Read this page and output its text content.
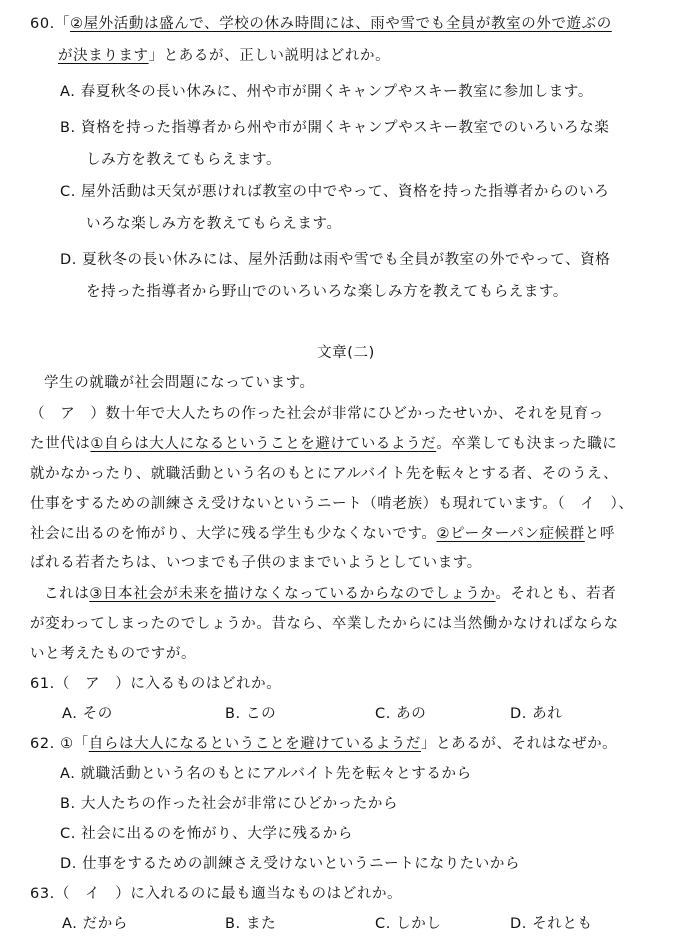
60.「②屋外活動は盛んで、学校の休み時間には、雨や雪でも全員が教室の外で遊ぶの
が決まります」とあるが、正しい説明はどれか。
A. 春夏秋冬の長い休みに、州や市が開くキャンプやスキー教室に参加します。
B. 資格を持った指導者から州や市が開くキャンプやスキー教室でのいろいろな楽
しみ方を教えてもらえます。
C. 屋外活動は天気が悪ければ教室の中でやって、資格を持った指導者からのいろ
いろな楽しみ方を教えてもらえます。
D. 夏秋冬の長い休みには、屋外活動は雨や雪でも全員が教室の外でやって、資格
を持った指導者から野山でのいろいろな楽しみ方を教えてもらえます。
文章(二)
学生の就職が社会問題になっています。
（　ア　）数十年で大人たちの作った社会が非常にひどかったせいか、それを見育っ
た世代は①自らは大人になるということを避けているようだ。卒業しても決まった職に
就かなかったり、就職活動という名のもとにアルバイト先を転々とする者、そのうえ、
仕事をするための訓練さえ受けないというニート（啃老族）も現れています。（　イ　）、
社会に出るのを怖がり、大学に残る学生も少なくないです。②ピーターパン症候群と呼
ばれる若者たちは、いつまでも子供のままでいようとしています。
これは③日本社会が未来を描けなくなっているからなのでしょうか。それとも、若者
が変わってしまったのでしょうか。昔なら、卒業したからには当然働かなければならな
いと考えたものですが。
61.（　ア　）に入るものはどれか。
A. その	B. この	C. あの	D. あれ
62. ①「自らは大人になるということを避けているようだ」とあるが、それはなぜか。
A. 就職活動という名のもとにアルバイト先を転々とするから
B. 大人たちの作った社会が非常にひどかったから
C. 社会に出るのを怖がり、大学に残るから
D. 仕事をするための訓練さえ受けないというニートになりたいから
63.（　イ　）に入れるのに最も適当なものはどれか。
A. だから	B. また	C. しかし	D. それとも
